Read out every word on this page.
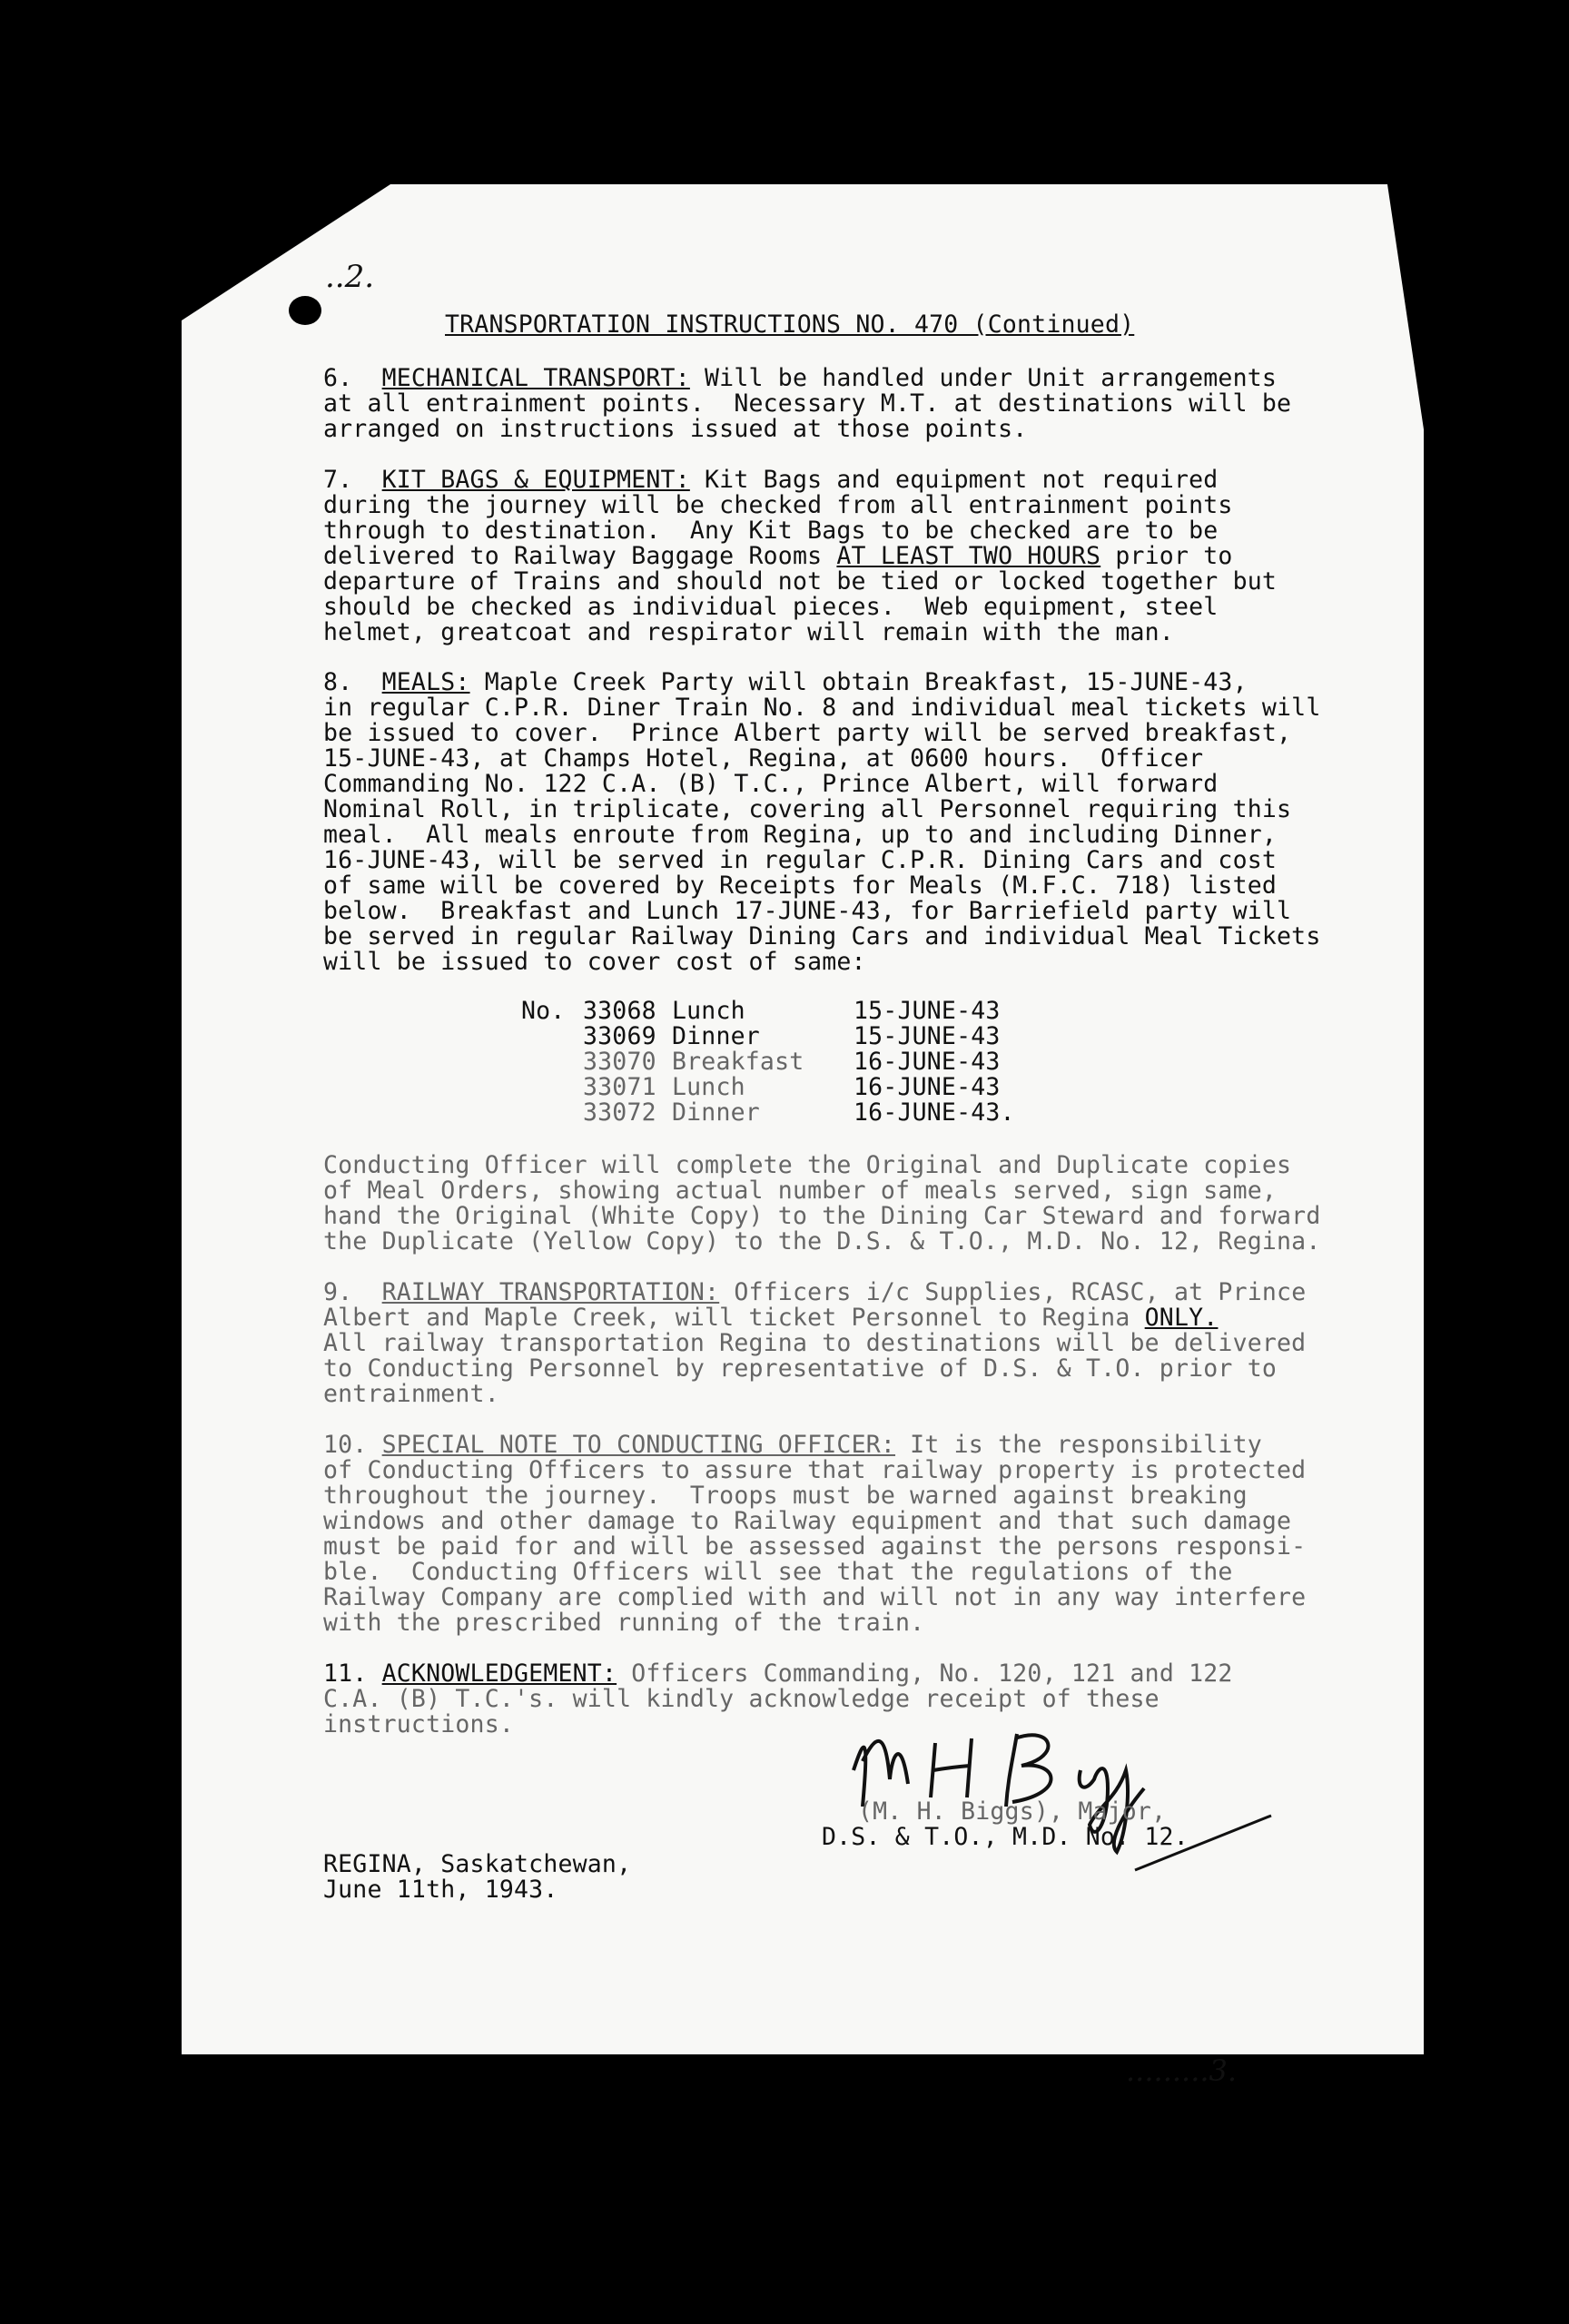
..2.
TRANSPORTATION INSTRUCTIONS NO. 470 (Continued)
6. MECHANICAL TRANSPORT: Will be handled under Unit arrangements
at all entrainment points.  Necessary M.T. at destinations will be
arranged on instructions issued at those points.
7. KIT BAGS & EQUIPMENT: Kit Bags and equipment not required
during the journey will be checked from all entrainment points
through to destination.  Any Kit Bags to be checked are to be
delivered to Railway Baggage Rooms AT LEAST TWO HOURS prior to
departure of Trains and should not be tied or locked together but
should be checked as individual pieces.  Web equipment, steel
helmet, greatcoat and respirator will remain with the man.
8. MEALS: Maple Creek Party will obtain Breakfast, 15-JUNE-43,
in regular C.P.R. Diner Train No. 8 and individual meal tickets will
be issued to cover.  Prince Albert party will be served breakfast,
15-JUNE-43, at Champs Hotel, Regina, at 0600 hours.  Officer
Commanding No. 122 C.A. (B) T.C., Prince Albert, will forward
Nominal Roll, in triplicate, covering all Personnel requiring this
meal.  All meals enroute from Regina, up to and including Dinner,
16-JUNE-43, will be served in regular C.P.R. Dining Cars and cost
of same will be covered by Receipts for Meals (M.F.C. 718) listed
below.  Breakfast and Lunch 17-JUNE-43, for Barriefield party will
be served in regular Railway Dining Cars and individual Meal Tickets
will be issued to cover cost of same:
No. 33068 Lunch	15-JUNE-43
33069 Dinner	15-JUNE-43
33070 Breakfast 16-JUNE-43
33071 Lunch	16-JUNE-43
33072 Dinner	16-JUNE-43.
Conducting Officer will complete the Original and Duplicate copies
of Meal Orders, showing actual number of meals served, sign same,
hand the Original (White Copy) to the Dining Car Steward and forward
the Duplicate (Yellow Copy) to the D.S. & T.O., M.D. No. 12, Regina.
9. RAILWAY TRANSPORTATION: Officers i/c Supplies, RCASC, at Prince
Albert and Maple Creek, will ticket Personnel to Regina ONLY.
All railway transportation Regina to destinations will be delivered
to Conducting Personnel by representative of D.S. & T.O. prior to
entrainment.
10. SPECIAL NOTE TO CONDUCTING OFFICER: It is the responsibility
of Conducting Officers to assure that railway property is protected
throughout the journey.  Troops must be warned against breaking
windows and other damage to Railway equipment and that such damage
must be paid for and will be assessed against the persons responsi-
ble.  Conducting Officers will see that the regulations of the
Railway Company are complied with and will not in any way interfere
with the prescribed running of the train.
11. ACKNOWLEDGEMENT: Officers Commanding, No. 120, 121 and 122
C.A. (B) T.C.'s. will kindly acknowledge receipt of these
instructions.
(M. H. Biggs), Major,
D.S. & T.O., M.D. No. 12.
REGINA, Saskatchewan,
June 11th, 1943.
.........3.
